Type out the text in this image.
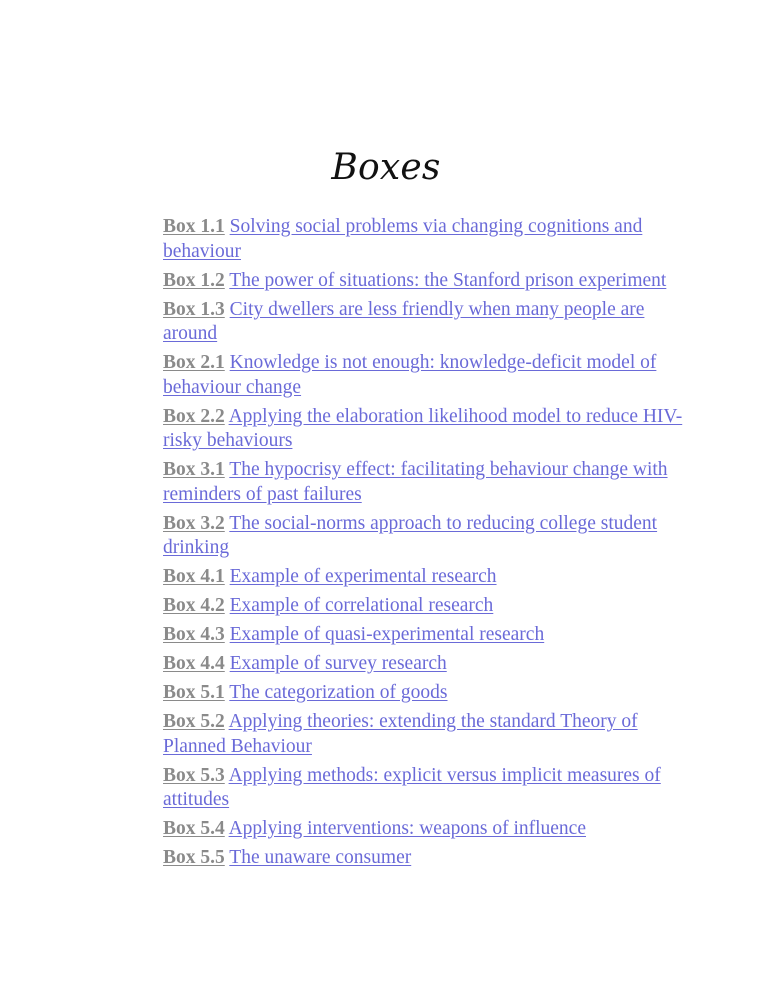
Boxes
Box 1.1 Solving social problems via changing cognitions and behaviour
Box 1.2 The power of situations: the Stanford prison experiment
Box 1.3 City dwellers are less friendly when many people are around
Box 2.1 Knowledge is not enough: knowledge-deficit model of behaviour change
Box 2.2 Applying the elaboration likelihood model to reduce HIV-risky behaviours
Box 3.1 The hypocrisy effect: facilitating behaviour change with reminders of past failures
Box 3.2 The social-norms approach to reducing college student drinking
Box 4.1 Example of experimental research
Box 4.2 Example of correlational research
Box 4.3 Example of quasi-experimental research
Box 4.4 Example of survey research
Box 5.1 The categorization of goods
Box 5.2 Applying theories: extending the standard Theory of Planned Behaviour
Box 5.3 Applying methods: explicit versus implicit measures of attitudes
Box 5.4 Applying interventions: weapons of influence
Box 5.5 The unaware consumer
